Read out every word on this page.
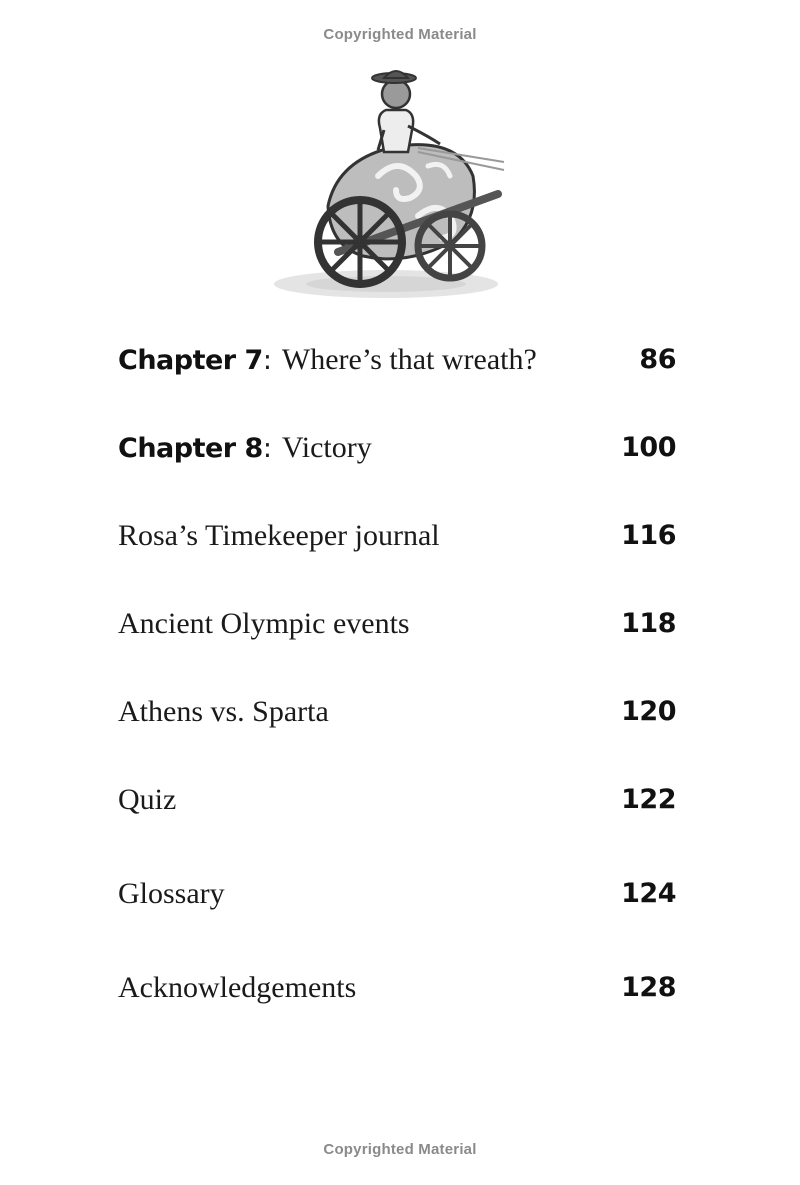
Copyrighted Material
Chapter 7: Where’s that wreath?	86
Chapter 8: Victory	100
Rosa’s Timekeeper journal	116
Ancient Olympic events	118
Athens vs. Sparta	120
Quiz	122
Glossary	124
Acknowledgements	128
Copyrighted Material
